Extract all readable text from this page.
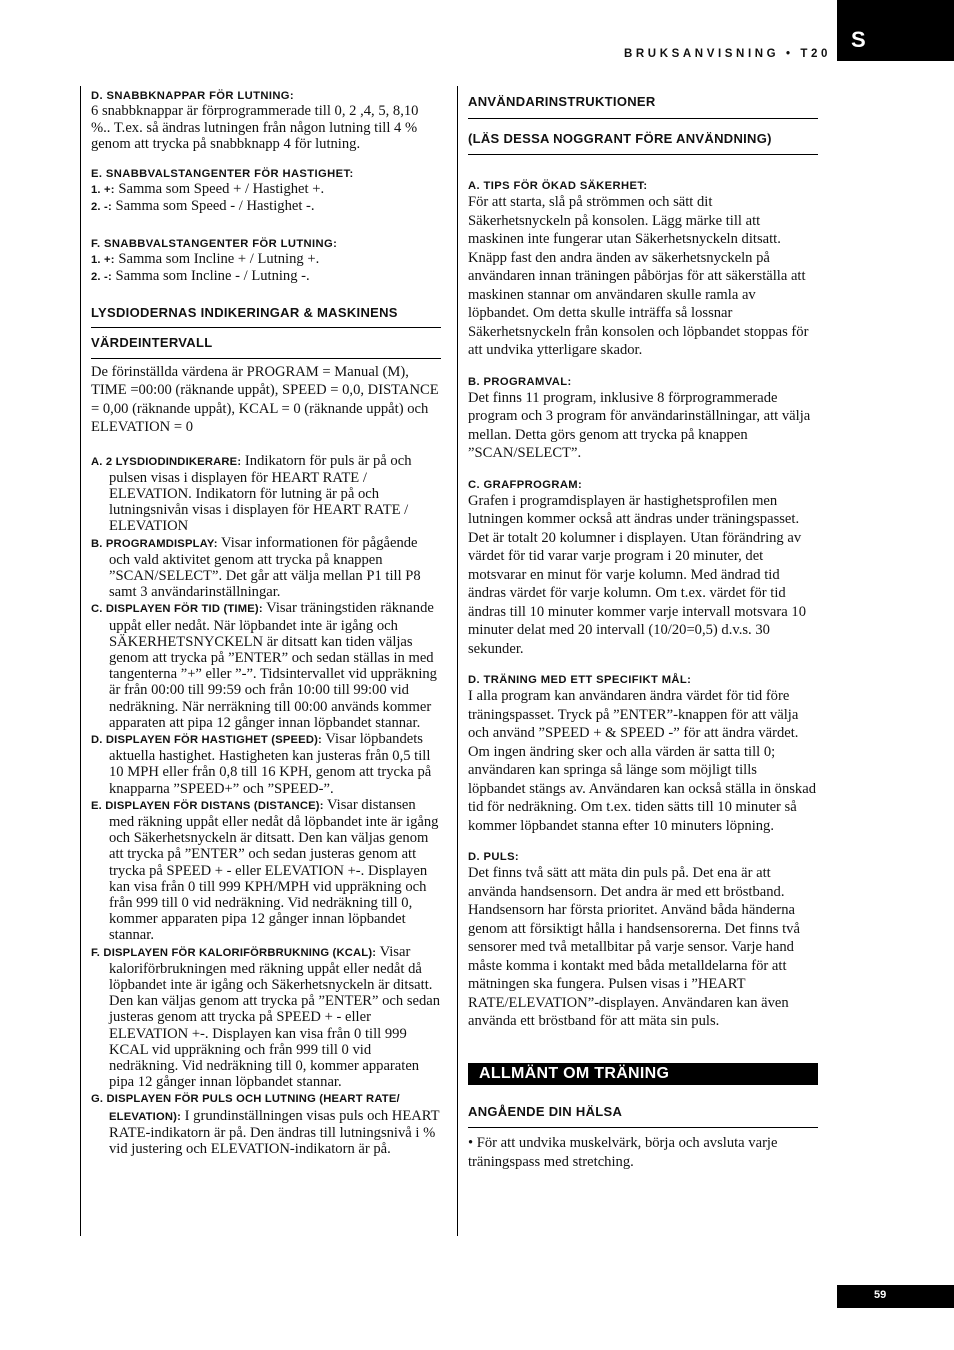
S
BRUKSANVISNING • T20

D. SNABBKNAPPAR FÖR LUTNING:

6 snabbknappar är förprogrammerade till 0, 2 ,4, 5, 8,10 %.. T.ex. så ändras lutningen från någon lutning till 4 % genom att trycka på snabbknapp 4 för lutning.

E. SNABBVALSTANGENTER FÖR HASTIGHET:

1. +: Samma som Speed + / Hastighet +.

2. -: Samma som Speed - / Hastighet -.

F. SNABBVALSTANGENTER FÖR LUTNING:

1. +: Samma som Incline + / Lutning +.

2. -: Samma som Incline - / Lutning -.

LYSDIODERNAS INDIKERINGAR & MASKINENS

VÄRDEINTERVALL

De förinställda värdena är PROGRAM = Manual (M), TIME =00:00 (räknande uppåt), SPEED = 0,0, DISTANCE = 0,00 (räknande uppåt), KCAL = 0 (räknande uppåt) och ELEVATION = 0

A. 2 LYSDIODINDIKERARE: Indikatorn för puls är på och pulsen visas i displayen för HEART RATE / ELEVATION. Indikatorn för lutning är på och lutningsnivån visas i displayen för HEART RATE / ELEVATION

B. PROGRAMDISPLAY: Visar informationen för pågående och vald aktivitet genom att trycka på knappen ”SCAN/SELECT”. Det går att välja mellan P1 till P8 samt 3 användarinställningar.

C. DISPLAYEN FÖR TID (TIME): Visar träningstiden räknande uppåt eller nedåt. När löpbandet inte är igång och SÄKERHETSNYCKELN är ditsatt kan tiden väljas genom att trycka på ”ENTER” och sedan ställas in med tangenterna ”+” eller ”-”. Tidsintervallet vid uppräkning är från 00:00 till 99:59 och från 10:00 till 99:00 vid nedräkning. När nerräkning till 00:00 används kommer apparaten att pipa 12 gånger innan löpbandet stannar.

D. DISPLAYEN FÖR HASTIGHET (SPEED): Visar löpbandets aktuella hastighet. Hastigheten kan justeras från 0,5 till 10 MPH eller från 0,8 till 16 KPH, genom att trycka på knapparna ”SPEED+” och ”SPEED-”.

E. DISPLAYEN FÖR DISTANS (DISTANCE): Visar distansen med räkning uppåt eller nedåt då löpbandet inte är igång och Säkerhetsnyckeln är ditsatt. Den kan väljas genom att trycka på ”ENTER” och sedan justeras genom att trycka på SPEED + - eller ELEVATION +-. Displayen kan visa från 0 till 999 KPH/MPH vid uppräkning och från 999 till 0 vid nedräkning. Vid nedräkning till 0, kommer apparaten pipa 12 gånger innan löpbandet stannar.

F. DISPLAYEN FÖR KALORIFÖRBRUKNING (KCAL): Visar kaloriförbrukningen med räkning uppåt eller nedåt då löpbandet inte är igång och Säkerhetsnyckeln är ditsatt. Den kan väljas genom att trycka på ”ENTER” och sedan justeras genom att trycka på SPEED + - eller ELEVATION +-. Displayen kan visa från 0 till 999 KCAL vid uppräkning och från 999 till 0 vid nedräkning. Vid nedräkning till 0, kommer apparaten pipa 12 gånger innan löpbandet stannar.

G. DISPLAYEN FÖR PULS OCH LUTNING (HEART RATE/ ELEVATION): I grundinställningen visas puls och HEART RATE-indikatorn är på. Den ändras till lutningsnivå i % vid justering och ELEVATION-indikatorn är på.

ANVÄNDARINSTRUKTIONER

(LÄS DESSA NOGGRANT FÖRE ANVÄNDNING)

A. TIPS FÖR ÖKAD SÄKERHET:

För att starta, slå på strömmen och sätt dit Säkerhetsnyckeln på konsolen. Lägg märke till att maskinen inte fungerar utan Säkerhetsnyckeln ditsatt. Knäpp fast den andra änden av säkerhetsnyckeln på användaren innan träningen påbörjas för att säkerställa att maskinen stannar om användaren skulle ramla av löpbandet. Om detta skulle inträffa så lossnar Säkerhetsnyckeln från konsolen och löpbandet stoppas för att undvika ytterligare skador.

B. PROGRAMVAL:

Det finns 11 program, inklusive 8 förprogrammerade program och 3 program för användarinställningar, att välja mellan. Detta görs genom att trycka på knappen ”SCAN/SELECT”.

C. GRAFPROGRAM:

Grafen i programdisplayen är hastighetsprofilen men lutningen kommer också att ändras under träningspasset. Det är totalt 20 kolumner i displayen. Utan förändring av värdet för tid varar varje program i 20 minuter, det motsvarar en minut för varje kolumn. Med ändrad tid ändras värdet för varje kolumn. Om t.ex. värdet för tid ändras till 10 minuter kommer varje intervall motsvara 10 minuter delat med 20 intervall (10/20=0,5) d.v.s. 30 sekunder.

D. TRÄNING MED ETT SPECIFIKT MÅL:

I alla program kan användaren ändra värdet för tid före träningspasset. Tryck på ”ENTER”-knappen för att välja och använd ”SPEED + & SPEED -” för att ändra värdet. Om ingen ändring sker och alla värden är satta till 0; användaren kan springa så länge som möjligt tills löpbandet stängs av. Användaren kan också ställa in önskad tid för nedräkning. Om t.ex. tiden sätts till 10 minuter så kommer löpbandet stanna efter 10 minuters löpning.

D. PULS:

Det finns två sätt att mäta din puls på. Det ena är att använda handsensorn. Det andra är med ett bröstband. Handsensorn har första prioritet. Använd båda händerna genom att försiktigt hålla i handsensorerna. Det finns två sensorer med två metallbitar på varje sensor. Varje hand måste komma i kontakt med båda metalldelarna för att mätningen ska fungera. Pulsen visas i ”HEART RATE/ELEVATION”-displayen. Användaren kan även använda ett bröstband för att mäta sin puls.

ALLMÄNT OM TRÄNING

ANGÅENDE DIN HÄLSA

• För att undvika muskelvärk, börja och avsluta varje träningspass med stretching.

59
